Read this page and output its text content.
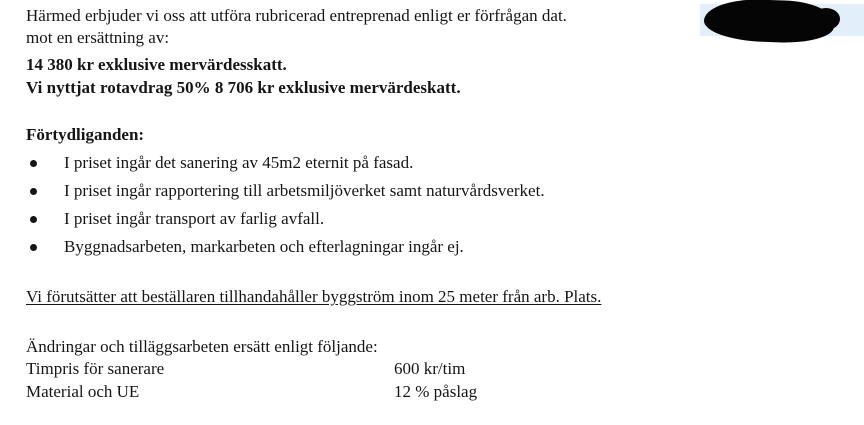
Härmed erbjuder vi oss att utföra rubricerad entreprenad enligt er förfrågan dat.
mot en ersättning av:
14 380 kr exklusive mervärdesskatt.
Vi nyttjat rotavdrag 50% 8 706 kr exklusive mervärdeskatt.
Förtydliganden:
I priset ingår det sanering av 45m2 eternit på fasad.
I priset ingår rapportering till arbetsmiljöverket samt naturvårdsverket.
I priset ingår transport av farlig avfall.
Byggnadsarbeten, markarbeten och efterlagningar ingår ej.
Vi förutsätter att beställaren tillhandahåller byggström inom 25 meter från arb. Plats.
Ändringar och tilläggsarbeten ersätt enligt följande:
Timpris för sanerare	600 kr/tim
Material och UE	12 % påslag
